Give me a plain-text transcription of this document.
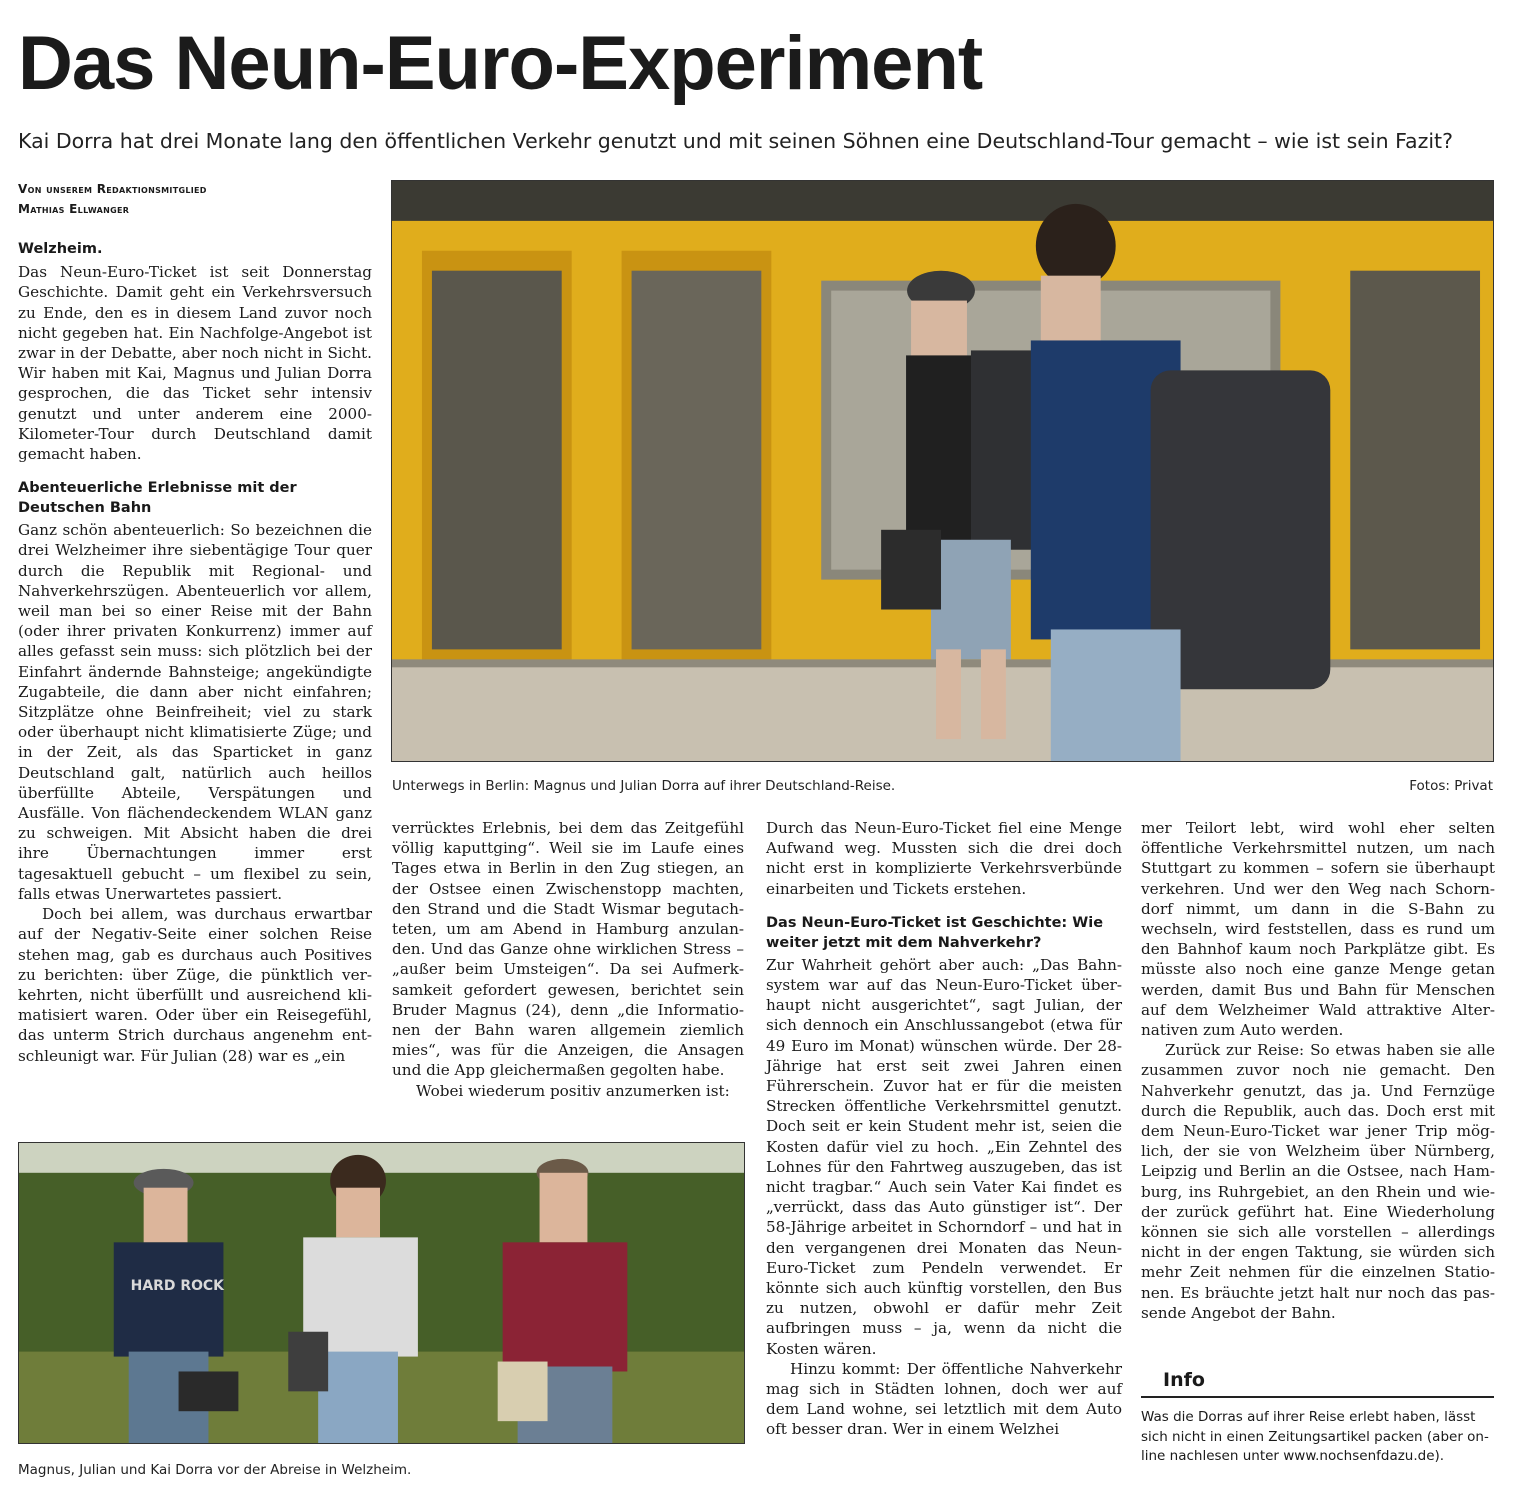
Das Neun-Euro-Experiment
Kai Dorra hat drei Monate lang den öffentlichen Verkehr genutzt und mit seinen Söhnen eine Deutschland-Tour gemacht – wie ist sein Fazit?
Von unserem Redaktionsmitglied
Mathias Ellwanger
Welzheim.

Das Neun-Euro-Ticket ist seit Donnerstag Geschichte. Damit geht ein Verkehrsversuch zu Ende, den es in diesem Land zuvor noch nicht gegeben hat. Ein Nachfolge-Angebot ist zwar in der Debatte, aber noch nicht in Sicht. Wir haben mit Kai, Magnus und Julian Dorra gesprochen, die das Ticket sehr intensiv genutzt und unter anderem eine 2000-Kilometer-Tour durch Deutschland damit gemacht haben.

Abenteuerliche Erlebnisse mit der Deutschen Bahn

Ganz schön abenteuerlich: So bezeichnen die drei Welzheimer ihre siebentägige Tour quer durch die Republik mit Regional- und Nahverkehrszügen. Abenteuerlich vor allem, weil man bei so einer Reise mit der Bahn (oder ihrer privaten Konkurrenz) immer auf alles gefasst sein muss: sich plötzlich bei der Einfahrt ändernde Bahnsteige; angekündigte Zugabteile, die dann aber nicht einfahren; Sitzplätze ohne Beinfreiheit; viel zu stark oder überhaupt nicht klimatisierte Züge; und in der Zeit, als das Sparticket in ganz Deutschland galt, natürlich auch heillos überfüllte Abteile, Verspätungen und Ausfälle. Von flächendeckendem WLAN ganz zu schweigen. Mit Absicht haben die drei ihre Übernachtungen immer erst tagesaktuell gebucht – um flexibel zu sein, falls etwas Unerwartetes passiert.

Doch bei allem, was durchaus erwartbar auf der Negativ-Seite einer solchen Reise stehen mag, gab es durchaus auch Positives zu berichten: über Züge, die pünktlich verkehrten, nicht überfüllt und ausreichend klimatisiert waren. Oder über ein Reisegefühl, das unterm Strich durchaus angenehm entschleunigt war. Für Julian (28) war es „ein

Unterwegs in Berlin: Magnus und Julian Dorra auf ihrer Deutschland-Reise.	Fotos: Privat

verrücktes Erlebnis, bei dem das Zeitgefühl völlig kaputtging“. Weil sie im Laufe eines Tages etwa in Berlin in den Zug stiegen, an der Ostsee einen Zwischenstopp machten, den Strand und die Stadt Wismar begutachteten, um am Abend in Hamburg anzulanden. Und das Ganze ohne wirklichen Stress – „außer beim Umsteigen“. Da sei Aufmerksamkeit gefordert gewesen, berichtet sein Bruder Magnus (24), denn „die Informationen der Bahn waren allgemein ziemlich mies“, was für die Anzeigen, die Ansagen und die App gleichermaßen gegolten habe.

Wobei wiederum positiv anzumerken ist:

Durch das Neun-Euro-Ticket fiel eine Menge Aufwand weg. Mussten sich die drei doch nicht erst in komplizierte Verkehrsverbünde einarbeiten und Tickets erstehen.

Das Neun-Euro-Ticket ist Geschichte: Wie weiter jetzt mit dem Nahverkehr?

Zur Wahrheit gehört aber auch: „Das Bahnsystem war auf das Neun-Euro-Ticket überhaupt nicht ausgerichtet“, sagt Julian, der sich dennoch ein Anschlussangebot (etwa für 49 Euro im Monat) wünschen würde. Der 28-Jährige hat erst seit zwei Jahren einen Führerschein. Zuvor hat er für die meisten Strecken öffentliche Verkehrsmittel genutzt. Doch seit er kein Student mehr ist, seien die Kosten dafür viel zu hoch. „Ein Zehntel des Lohnes für den Fahrtweg auszugeben, das ist nicht tragbar.“ Auch sein Vater Kai findet es „verrückt, dass das Auto günstiger ist“. Der 58-Jährige arbeitet in Schorndorf – und hat in den vergangenen drei Monaten das Neun-Euro-Ticket zum Pendeln verwendet. Er könnte sich auch künftig vorstellen, den Bus zu nutzen, obwohl er dafür mehr Zeit aufbringen muss – ja, wenn da nicht die Kosten wären.

Hinzu kommt: Der öffentliche Nahverkehr mag sich in Städten lohnen, doch wer auf dem Land wohne, sei letztlich mit dem Auto oft besser dran. Wer in einem Welzhei

mer Teilort lebt, wird wohl eher selten öffentliche Verkehrsmittel nutzen, um nach Stuttgart zu kommen – sofern sie überhaupt verkehren. Und wer den Weg nach Schorndorf nimmt, um dann in die S-Bahn zu wechseln, wird feststellen, dass es rund um den Bahnhof kaum noch Parkplätze gibt. Es müsste also noch eine ganze Menge getan werden, damit Bus und Bahn für Menschen auf dem Welzheimer Wald attraktive Alternativen zum Auto werden.

Zurück zur Reise: So etwas haben sie alle zusammen zuvor noch nie gemacht. Den Nahverkehr genutzt, das ja. Und Fernzüge durch die Republik, auch das. Doch erst mit dem Neun-Euro-Ticket war jener Trip möglich, der sie von Welzheim über Nürnberg, Leipzig und Berlin an die Ostsee, nach Hamburg, ins Ruhrgebiet, an den Rhein und wieder zurück geführt hat. Eine Wiederholung können sie sich alle vorstellen – allerdings nicht in der engen Taktung, sie würden sich mehr Zeit nehmen für die einzelnen Stationen. Es bräuchte jetzt halt nur noch das passende Angebot der Bahn.

HARD ROCK
Magnus, Julian und Kai Dorra vor der Abreise in Welzheim.
Info
Was die Dorras auf ihrer Reise erlebt haben, lässt sich nicht in einen Zeitungsartikel packen (aber online nachlesen unter www.nochsenfdazu.de).
